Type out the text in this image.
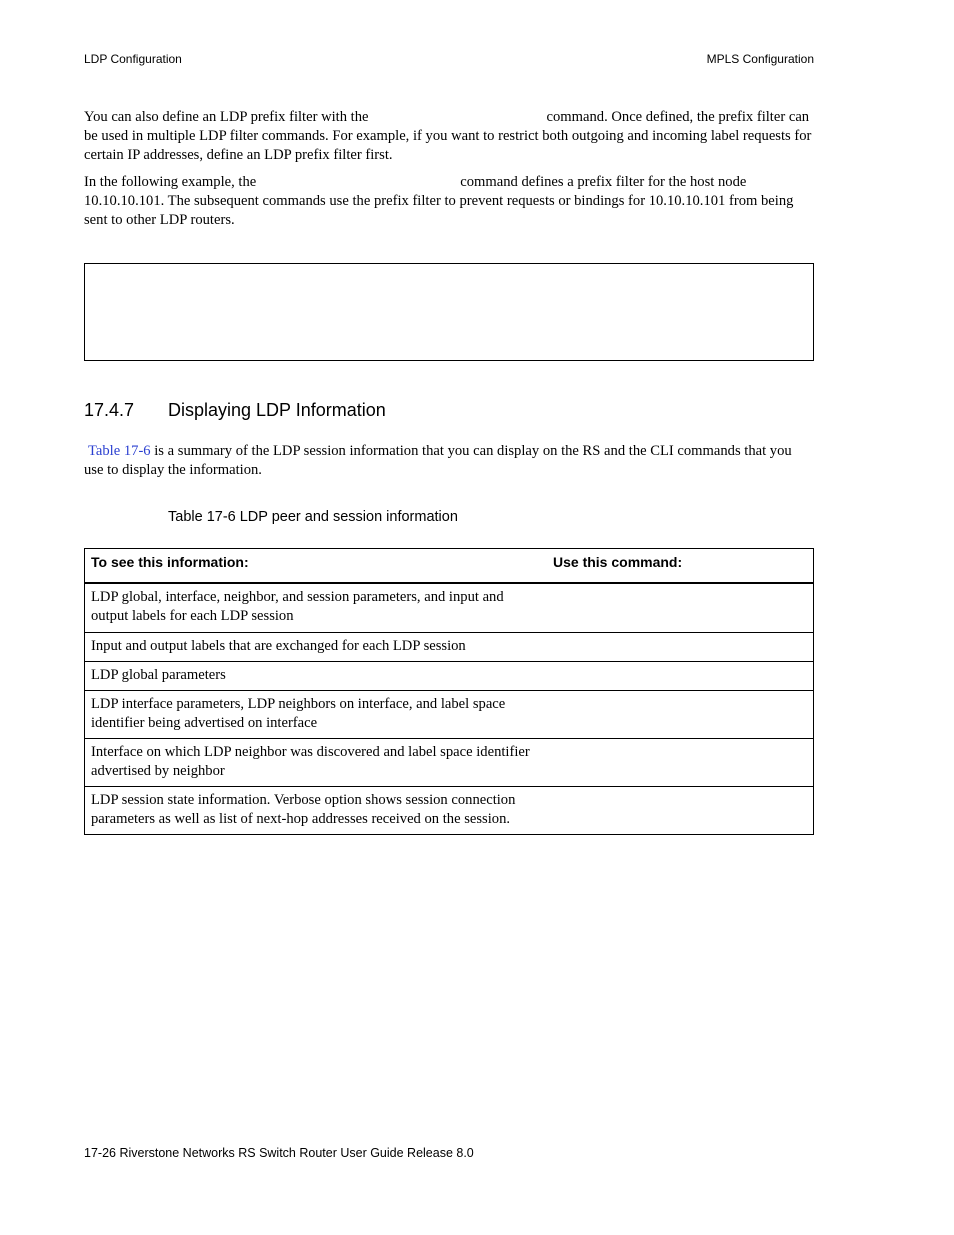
LDP Configuration	MPLS Configuration

You can also define an LDP prefix filter with the	command. Once defined, the prefix filter can be used in multiple LDP filter commands. For example, if you want to restrict both outgoing and incoming label requests for certain IP addresses, define an LDP prefix filter first.

In the following example, the	command defines a prefix filter for the host node 10.10.10.101. The subsequent commands use the prefix filter to prevent requests or bindings for 10.10.10.101 from being sent to other LDP routers.

17.4.7 Displaying LDP Information

Table 17-6 is a summary of the LDP session information that you can display on the RS and the CLI commands that you use to display the information.

Table 17-6 LDP peer and session information
To see this information:	Use this command:
LDP global, interface, neighbor, and session parameters, and input and output labels for each LDP session	
Input and output labels that are exchanged for each LDP session	
LDP global parameters	
LDP interface parameters, LDP neighbors on interface, and label space identifier being advertised on interface	
Interface on which LDP neighbor was discovered and label space identifier advertised by neighbor	
LDP session state information. Verbose option shows session connection parameters as well as list of next-hop addresses received on the session.	
17-26 Riverstone Networks RS Switch Router User Guide Release 8.0
